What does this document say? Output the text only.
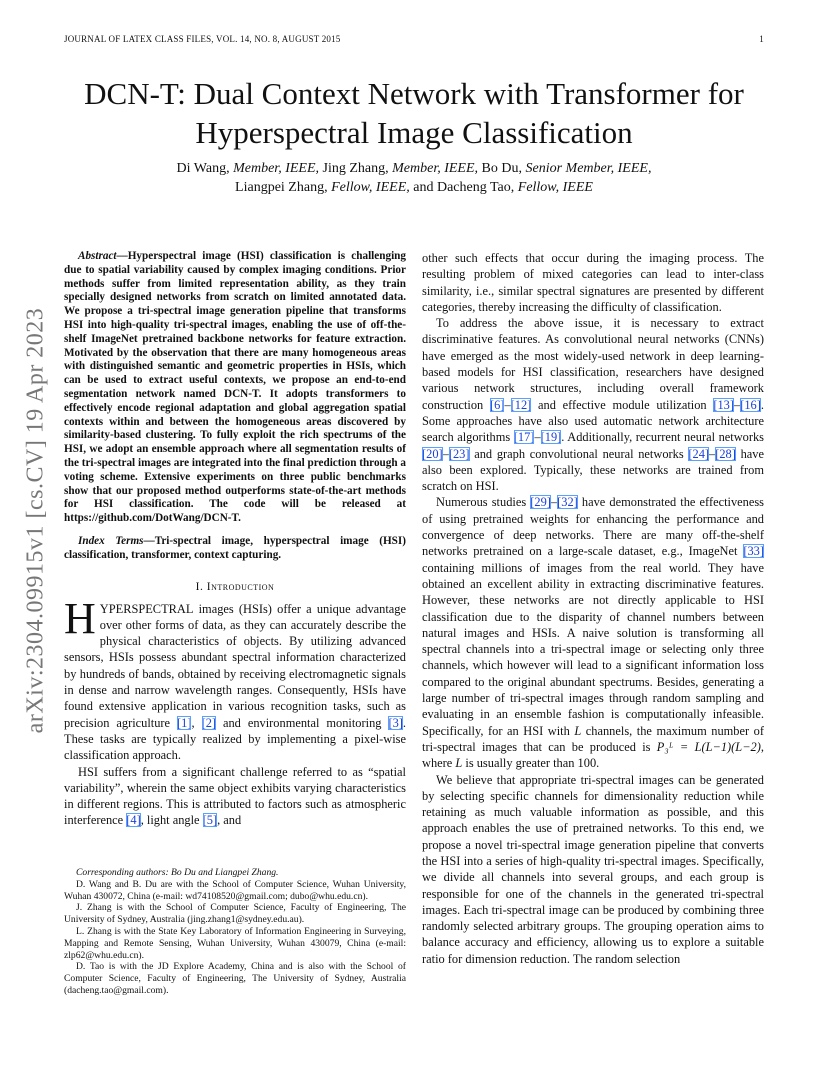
JOURNAL OF LATEX CLASS FILES, VOL. 14, NO. 8, AUGUST 2015	1
arXiv:2304.09915v1 [cs.CV] 19 Apr 2023
DCN-T: Dual Context Network with Transformer for Hyperspectral Image Classification
Di Wang, Member, IEEE, Jing Zhang, Member, IEEE, Bo Du, Senior Member, IEEE,
Liangpei Zhang, Fellow, IEEE, and Dacheng Tao, Fellow, IEEE

Abstract—Hyperspectral image (HSI) classification is challenging due to spatial variability caused by complex imaging conditions. Prior methods suffer from limited representation ability, as they train specially designed networks from scratch on limited annotated data. We propose a tri-spectral image generation pipeline that transforms HSI into high-quality tri-spectral images, enabling the use of off-the-shelf ImageNet pretrained backbone networks for feature extraction. Motivated by the observation that there are many homogeneous areas with distinguished semantic and geometric properties in HSIs, which can be used to extract useful contexts, we propose an end-to-end segmentation network named DCN-T. It adopts transformers to effectively encode regional adaptation and global aggregation spatial contexts within and between the homogeneous areas discovered by similarity-based clustering. To fully exploit the rich spectrums of the HSI, we adopt an ensemble approach where all segmentation results of the tri-spectral images are integrated into the final prediction through a voting scheme. Extensive experiments on three public benchmarks show that our proposed method outperforms state-of-the-art methods for HSI classification. The code will be released at https://github.com/DotWang/DCN-T.

Index Terms—Tri-spectral image, hyperspectral image (HSI) classification, transformer, context capturing.

I. Introduction

HYPERSPECTRAL images (HSIs) offer a unique advantage over other forms of data, as they can accurately describe the physical characteristics of objects. By utilizing advanced sensors, HSIs possess abundant spectral information characterized by hundreds of bands, obtained by receiving electromagnetic signals in dense and narrow wavelength ranges. Consequently, HSIs have found extensive application in various recognition tasks, such as precision agriculture [1], [2] and environmental monitoring [3]. These tasks are typically realized by implementing a pixel-wise classification approach.

HSI suffers from a significant challenge referred to as “spatial variability”, wherein the same object exhibits varying characteristics in different regions. This is attributed to factors such as atmospheric interference [4], light angle [5], and

Corresponding authors: Bo Du and Liangpei Zhang.

D. Wang and B. Du are with the School of Computer Science, Wuhan University, Wuhan 430072, China (e-mail: wd74108520@gmail.com; dubo@whu.edu.cn).

J. Zhang is with the School of Computer Science, Faculty of Engineering, The University of Sydney, Australia (jing.zhang1@sydney.edu.au).

L. Zhang is with the State Key Laboratory of Information Engineering in Surveying, Mapping and Remote Sensing, Wuhan University, Wuhan 430079, China (e-mail: zlp62@whu.edu.cn).

D. Tao is with the JD Explore Academy, China and is also with the School of Computer Science, Faculty of Engineering, The University of Sydney, Australia (dacheng.tao@gmail.com).

other such effects that occur during the imaging process. The resulting problem of mixed categories can lead to inter-class similarity, i.e., similar spectral signatures are presented by different categories, thereby increasing the difficulty of classification.

To address the above issue, it is necessary to extract discriminative features. As convolutional neural networks (CNNs) have emerged as the most widely-used network in deep learning-based models for HSI classification, researchers have designed various network structures, including overall framework construction [6]–[12] and effective module utilization [13]–[16]. Some approaches have also used automatic network architecture search algorithms [17]–[19]. Additionally, recurrent neural networks [20]–[23] and graph convolutional neural networks [24]–[28] have also been explored. Typically, these networks are trained from scratch on HSI.

Numerous studies [29]–[32] have demonstrated the effectiveness of using pretrained weights for enhancing the performance and convergence of deep networks. There are many off-the-shelf networks pretrained on a large-scale dataset, e.g., ImageNet [33] containing millions of images from the real world. They have obtained an excellent ability in extracting discriminative features. However, these networks are not directly applicable to HSI classification due to the disparity of channel numbers between natural images and HSIs. A naive solution is transforming all spectral channels into a tri-spectral image or selecting only three channels, which however will lead to a significant information loss compared to the original abundant spectrums. Besides, generating a large number of tri-spectral images through random sampling and evaluating in an ensemble fashion is computationally infeasible. Specifically, for an HSI with L channels, the maximum number of tri-spectral images that can be produced is P₃ᴸ = L(L−1)(L−2), where L is usually greater than 100.

We believe that appropriate tri-spectral images can be generated by selecting specific channels for dimensionality reduction while retaining as much valuable information as possible, and this approach enables the use of pretrained networks. To this end, we propose a novel tri-spectral image generation pipeline that converts the HSI into a series of high-quality tri-spectral images. Specifically, we divide all channels into several groups, and each group is responsible for one of the channels in the generated tri-spectral images. Each tri-spectral image can be produced by combining three randomly selected arbitrary groups. The grouping operation aims to balance accuracy and efficiency, allowing us to explore a suitable ratio for dimension reduction. The random selection
